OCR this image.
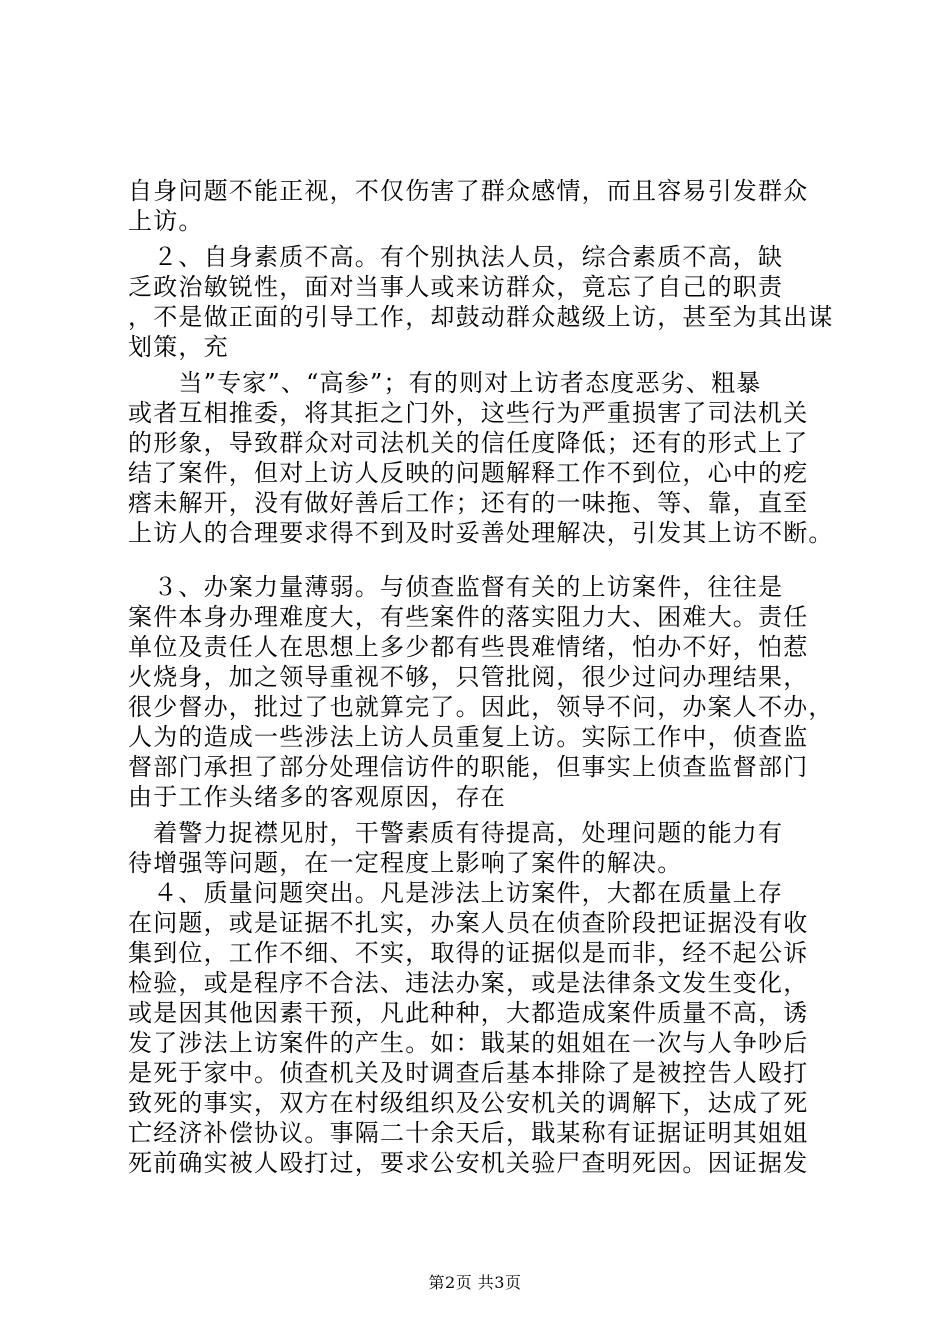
自身问题不能正视，不仅伤害了群众感情，而且容易引发群众
上访。
　２、自身素质不高。有个别执法人员，综合素质不高，缺
乏政治敏锐性，面对当事人或来访群众，竟忘了自己的职责
，不是做正面的引导工作，却鼓动群众越级上访，甚至为其出谋
划策，充
　　当”专家”、“高参”；有的则对上访者态度恶劣、粗暴
或者互相推委，将其拒之门外，这些行为严重损害了司法机关
的形象，导致群众对司法机关的信任度降低；还有的形式上了
结了案件，但对上访人反映的问题解释工作不到位，心中的疙
瘩未解开，没有做好善后工作；还有的一味拖、等、靠，直至
上访人的合理要求得不到及时妥善处理解决，引发其上访不断。
　３、办案力量薄弱。与侦查监督有关的上访案件，往往是
案件本身办理难度大，有些案件的落实阻力大、困难大。责任
单位及责任人在思想上多少都有些畏难情绪，怕办不好，怕惹
火烧身，加之领导重视不够，只管批阅，很少过问办理结果，
很少督办，批过了也就算完了。因此，领导不问，办案人不办，
人为的造成一些涉法上访人员重复上访。实际工作中，侦查监
督部门承担了部分处理信访件的职能，但事实上侦查监督部门
由于工作头绪多的客观原因，存在
　着警力捉襟见肘，干警素质有待提高，处理问题的能力有
待增强等问题，在一定程度上影响了案件的解决。
　４、质量问题突出。凡是涉法上访案件，大都在质量上存
在问题，或是证据不扎实，办案人员在侦查阶段把证据没有收
集到位，工作不细、不实，取得的证据似是而非，经不起公诉
检验，或是程序不合法、违法办案，或是法律条文发生变化，
或是因其他因素干预，凡此种种，大都造成案件质量不高，诱
发了涉法上访案件的产生。如：戢某的姐姐在一次与人争吵后
是死于家中。侦查机关及时调查后基本排除了是被控告人殴打
致死的事实，双方在村级组织及公安机关的调解下，达成了死
亡经济补偿协议。事隔二十余天后，戢某称有证据证明其姐姐
死前确实被人殴打过，要求公安机关验尸查明死因。因证据发
第2页 共3页
